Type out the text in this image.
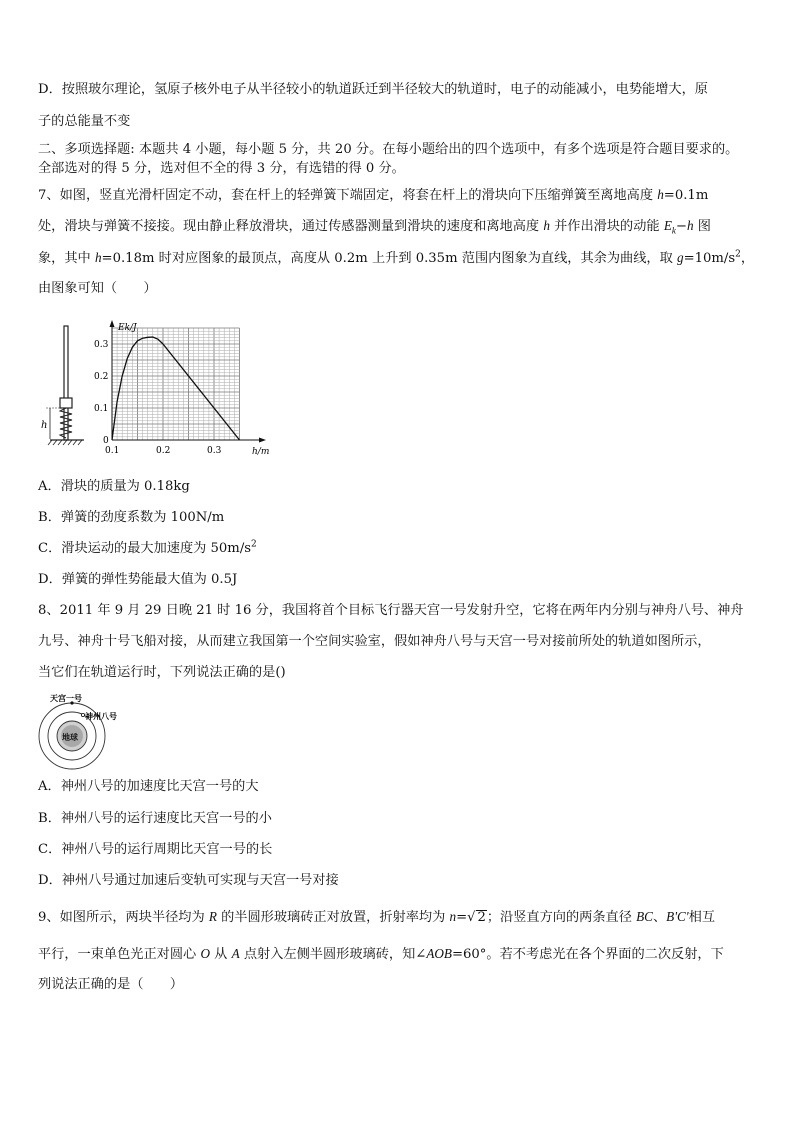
D．按照玻尔理论，氢原子核外电子从半径较小的轨道跃迁到半径较大的轨道时，电子的动能减小，电势能增大，原
子的总能量不变
二、多项选择题: 本题共 4 小题，每小题 5 分，共 20 分。在每小题给出的四个选项中，有多个选项是符合题目要求的。
全部选对的得 5 分，选对但不全的得 3 分，有选错的得 0 分。
7、如图，竖直光滑杆固定不动，套在杆上的轻弹簧下端固定，将套在杆上的滑块向下压缩弹簧至离地高度 h=0.1m
处，滑块与弹簧不接接。现由静止释放滑块，通过传感器测量到滑块的速度和离地高度 h 并作出滑块的动能 $E_k-h$ 图
象，其中 h=0.18m 时对应图象的最顶点，高度从 0.2m 上升到 0.35m 范围内图象为直线，其余为曲线，取 $g=10m/s^2$，
由图象可知（　　）
h
Ek/J
h/m
0
0.1	0.2	0.3
0.1
0.2
0.3
A．滑块的质量为 0.18kg
B．弹簧的劲度系数为 100N/m
C．滑块运动的最大加速度为 $50m/s^2$
D．弹簧的弹性势能最大值为 0.5J
8、2011 年 9 月 29 日晚 21 时 16 分，我国将首个目标飞行器天宫一号发射升空，它将在两年内分别与神舟八号、神舟
九号、神舟十号飞船对接，从而建立我国第一个空间实验室，假如神舟八号与天宫一号对接前所处的轨道如图所示，
当它们在轨道运行时，下列说法正确的是()
天宫一号
神州八号
地球
A．神州八号的加速度比天宫一号的大
B．神州八号的运行速度比天宫一号的小
C．神州八号的运行周期比天宫一号的长
D．神州八号通过加速后变轨可实现与天宫一号对接
9、如图所示，两块半径均为 R 的半圆形玻璃砖正对放置，折射率均为 n=√ 2；沿竖直方向的两条直径 BC、B'C'相互
平行，一束单色光正对圆心 O 从 A 点射入左侧半圆形玻璃砖，知∠AOB=60°。若不考虑光在各个界面的二次反射，下
列说法正确的是（　　）
